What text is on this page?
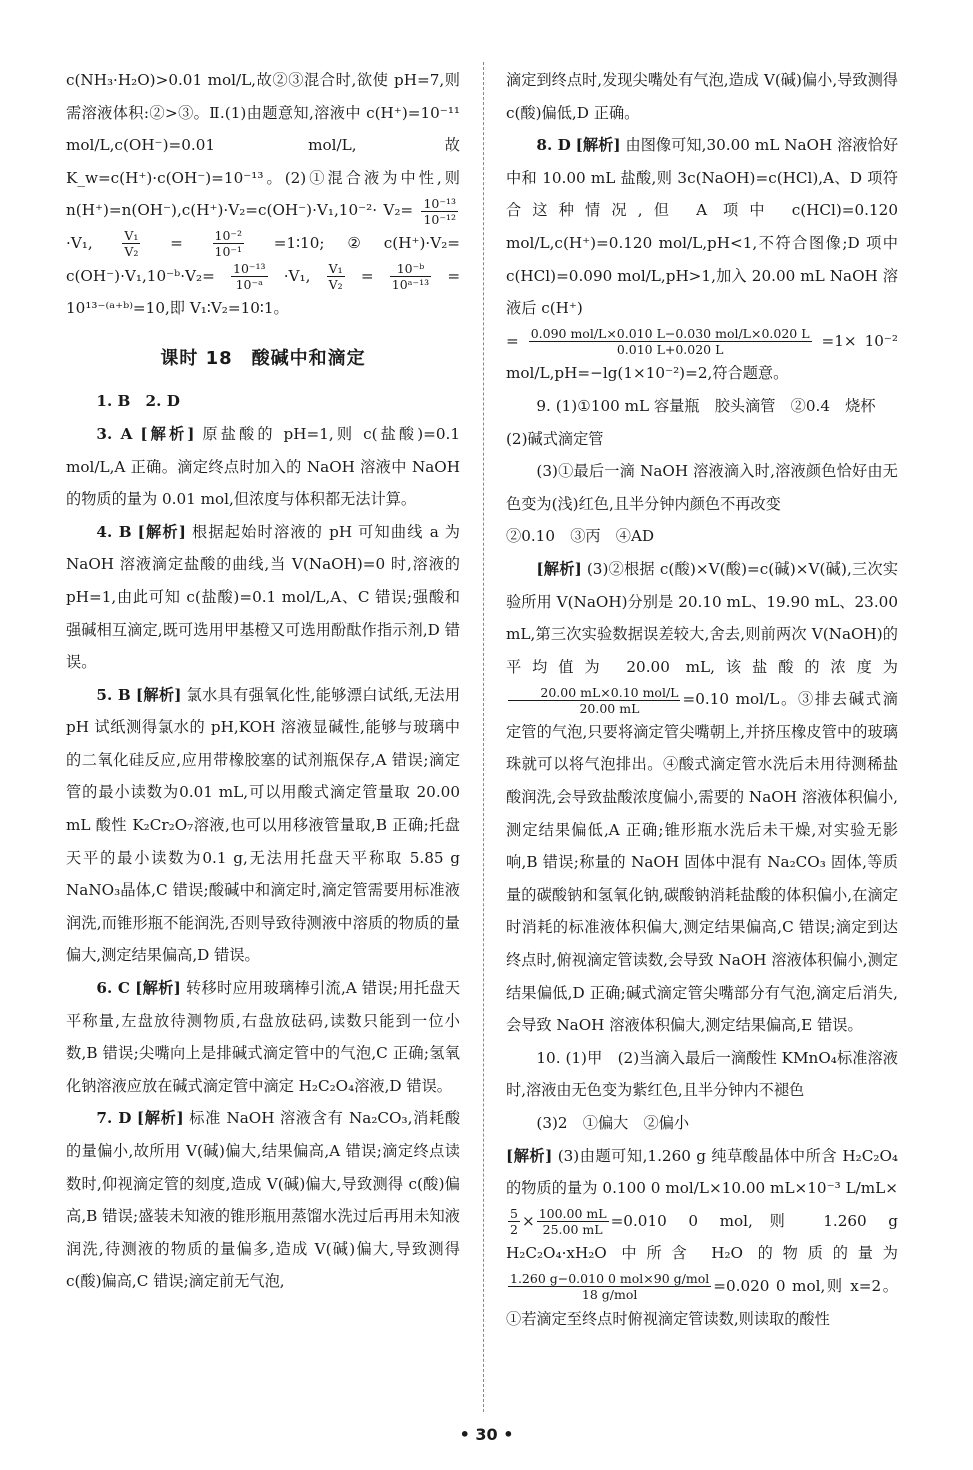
c(NH₃·H₂O)>0.01 mol/L,故②③混合时,欲使 pH=7,则需溶液体积:②>③。Ⅱ.(1)由题意知,溶液中 c(H⁺)=10⁻¹¹ mol/L,c(OH⁻)=0.01 mol/L,故 K_w=c(H⁺)·c(OH⁻)=10⁻¹³。(2)①混合液为中性,则 $n(H^+)=n(OH^-),c(H^+)\cdot V_2=c(OH^-)\cdot V_1,10^{-2}\cdot V_2= \frac{\text{10⁻¹³}}{\text{10⁻¹²}}$
·V₁, $\frac{\text{V₁}}{\text{V₂}} = \frac{\text{10⁻²}}{\text{10⁻¹}}$ =1∶10;②c(H⁺)·V₂= c(OH⁻)·V₁,10⁻ᵇ·V₂= $\frac{\text{10⁻¹³}}{\text{10⁻ᵃ}} \cdot V_1$, $\frac{\text{V₁}}{\text{V₂}} = \frac{\text{10⁻ᵇ}}{\text{10ᵃ⁻¹³}}$ = 10¹³⁻⁽ᵃ⁺ᵇ⁾=10,即 V₁∶V₂=10∶1。

课时 18　酸碱中和滴定

1. B　2. D

3. A [解析] 原盐酸的 pH=1,则 c(盐酸)=0.1 mol/L,A 正确。滴定终点时加入的 NaOH 溶液中 NaOH 的物质的量为 0.01 mol,但浓度与体积都无法计算。

4. B [解析] 根据起始时溶液的 pH 可知曲线 a 为 NaOH 溶液滴定盐酸的曲线,当 V(NaOH)=0 时,溶液的 pH=1,由此可知 c(盐酸)=0.1 mol/L,A、C 错误;强酸和强碱相互滴定,既可选用甲基橙又可选用酚酞作指示剂,D 错误。

5. B [解析] 氯水具有强氧化性,能够漂白试纸,无法用 pH 试纸测得氯水的 pH,KOH 溶液显碱性,能够与玻璃中的二氧化硅反应,应用带橡胶塞的试剂瓶保存,A 错误;滴定管的最小读数为0.01 mL,可以用酸式滴定管量取 20.00 mL 酸性 K₂Cr₂O₇溶液,也可以用移液管量取,B 正确;托盘天平的最小读数为0.1 g,无法用托盘天平称取 5.85 g NaNO₃晶体,C 错误;酸碱中和滴定时,滴定管需要用标准液润洗,而锥形瓶不能润洗,否则导致待测液中溶质的物质的量偏大,测定结果偏高,D 错误。

6. C [解析] 转移时应用玻璃棒引流,A 错误;用托盘天平称量,左盘放待测物质,右盘放砝码,读数只能到一位小数,B 错误;尖嘴向上是排碱式滴定管中的气泡,C 正确;氢氧化钠溶液应放在碱式滴定管中滴定 H₂C₂O₄溶液,D 错误。

7. D [解析] 标准 NaOH 溶液含有 Na₂CO₃,消耗酸的量偏小,故所用 V(碱)偏大,结果偏高,A 错误;滴定终点读数时,仰视滴定管的刻度,造成 V(碱)偏大,导致测得 c(酸)偏高,B 错误;盛装未知液的锥形瓶用蒸馏水洗过后再用未知液润洗,待测液的物质的量偏多,造成 V(碱)偏大,导致测得 c(酸)偏高,C 错误;滴定前无气泡,

滴定到终点时,发现尖嘴处有气泡,造成 V(碱)偏小,导致测得 c(酸)偏低,D 正确。

8. D [解析] 由图像可知,30.00 mL NaOH 溶液恰好中和 10.00 mL 盐酸,则 3c(NaOH)=c(HCl),A、D 项符合这种情况,但 A 项中 c(HCl)=0.120 mol/L,c(H⁺)=0.120 mol/L,pH<1,不符合图像;D 项中 c(HCl)=0.090 mol/L,pH>1,加入 20.00 mL NaOH 溶液后 c(H⁺)

= $\frac{\text{0.090 mol/L×0.010 L−0.030 mol/L×0.020 L}}{0.010 L+0.020 L} =1\times 10^{-2}$ mol/L,pH=−lg(1×10⁻²)=2,符合题意。

9. (1)①100 mL 容量瓶　胶头滴管　②0.4　烧杯

(2)碱式滴定管

(3)①最后一滴 NaOH 溶液滴入时,溶液颜色恰好由无色变为(浅)红色,且半分钟内颜色不再改变

②0.10　③丙　④AD

[解析] (3)②根据 c(酸)×V(酸)=c(碱)×V(碱),三次实验所用 V(NaOH)分别是 20.10 mL、19.90 mL、23.00 mL,第三次实验数据误差较大,舍去,则前两次 V(NaOH)的平均值为 20.00 mL,该盐酸的浓度为
$\frac{\text{20.00 mL×0.10 mol/L}}{20.00 mL} =0.10$ mol/L。③排去碱式滴定管的气泡,只要将滴定管尖嘴朝上,并挤压橡皮管中的玻璃珠就可以将气泡排出。④酸式滴定管水洗后未用待测稀盐酸润洗,会导致盐酸浓度偏小,需要的 NaOH 溶液体积偏小,测定结果偏低,A 正确;锥形瓶水洗后未干燥,对实验无影响,B 错误;称量的 NaOH 固体中混有 Na₂CO₃ 固体,等质量的碳酸钠和氢氧化钠,碳酸钠消耗盐酸的体积偏小,在滴定时消耗的标准液体积偏大,测定结果偏高,C 错误;滴定到达终点时,俯视滴定管读数,会导致 NaOH 溶液体积偏小,测定结果偏低,D 正确;碱式滴定管尖嘴部分有气泡,滴定后消失,会导致 NaOH 溶液体积偏大,测定结果偏高,E 错误。

10. (1)甲　(2)当滴入最后一滴酸性 KMnO₄标准溶液时,溶液由无色变为紫红色,且半分钟内不褪色

(3)2　①偏大　②偏小

[解析] (3)由题可知,1.260 g 纯草酸晶体中所含 H₂C₂O₄ 的物质的量为 0.100 0 mol/L×10.00 mL×10⁻³ L/mL×
$\frac{5}{2} \times \frac{100.00 mL}{25.00 mL} =0.010$ 0 mol,则 1.260 g H₂C₂O₄·xH₂O 中所含 H₂O 的物质的量为
$\frac{\text{1.260 g−0.010 0 mol×90 g/mol}}{\text{18 g/mol}} =0.020$ 0 mol,则 x=2。①若滴定至终点时俯视滴定管读数,则读取的酸性

• 30 •
